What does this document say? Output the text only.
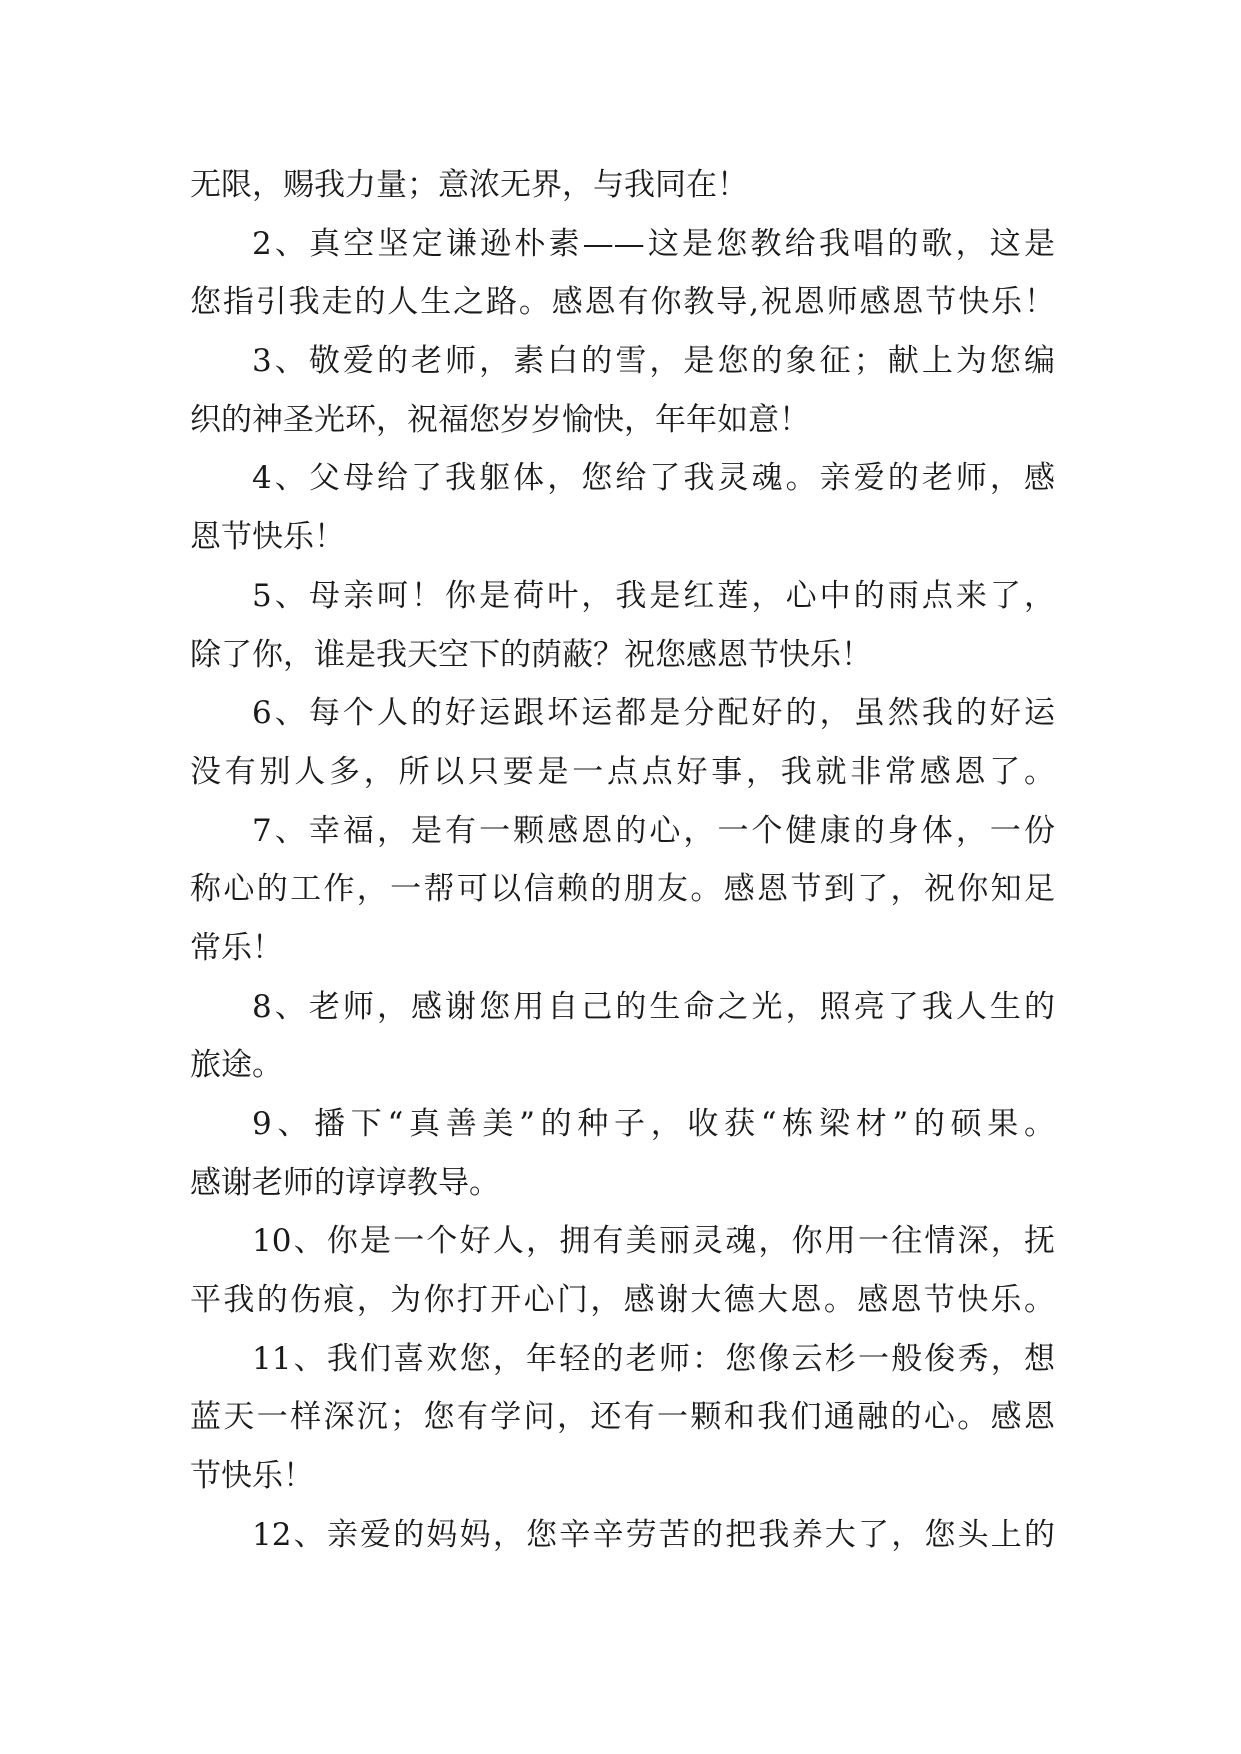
无限，赐我力量；意浓无界，与我同在！
2、真空坚定谦逊朴素——这是您教给我唱的歌，这是
您指引我走的人生之路。感恩有你教导,祝恩师感恩节快乐！
3、敬爱的老师，素白的雪，是您的象征；献上为您编
织的神圣光环，祝福您岁岁愉快，年年如意！
4、父母给了我躯体，您给了我灵魂。亲爱的老师，感
恩节快乐！
5、母亲呵！你是荷叶，我是红莲，心中的雨点来了，
除了你，谁是我天空下的荫蔽？祝您感恩节快乐！
6、每个人的好运跟坏运都是分配好的，虽然我的好运
没有别人多，所以只要是一点点好事，我就非常感恩了。
7、幸福，是有一颗感恩的心，一个健康的身体，一份
称心的工作，一帮可以信赖的朋友。感恩节到了，祝你知足
常乐！
8、老师，感谢您用自己的生命之光，照亮了我人生的
旅途。
9、播下“真善美”的种子，收获“栋梁材”的硕果。
感谢老师的谆谆教导。
10、你是一个好人，拥有美丽灵魂，你用一往情深，抚
平我的伤痕，为你打开心门，感谢大德大恩。感恩节快乐。
11、我们喜欢您，年轻的老师：您像云杉一般俊秀，想
蓝天一样深沉；您有学问，还有一颗和我们通融的心。感恩
节快乐！
12、亲爱的妈妈，您辛辛劳苦的把我养大了，您头上的
